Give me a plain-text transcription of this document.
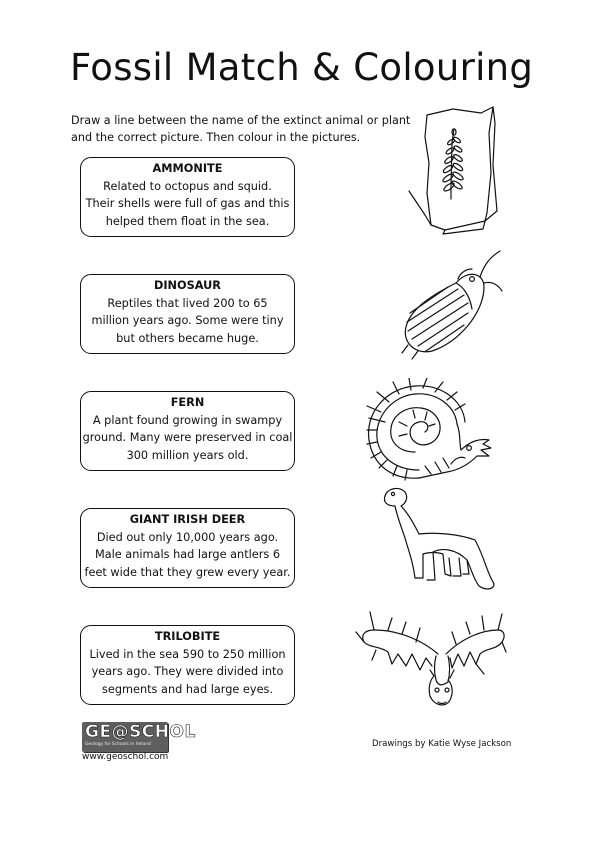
Fossil Match & Colouring
Draw a line between the name of the extinct animal or plant and the correct picture. Then colour in the pictures.
AMMONITE
Related to octopus and squid.
Their shells were full of gas and this
helped them float in the sea.
DINOSAUR
Reptiles that lived 200 to 65
million years ago. Some were tiny
but others became huge.
FERN
A plant found growing in swampy
ground. Many were preserved in coal
300 million years old.
GIANT IRISH DEER
Died out only 10,000 years ago.
Male animals had large antlers 6
feet wide that they grew every year.
TRILOBITE
Lived in the sea 590 to 250 million
years ago. They were divided into
segments and had large eyes.
GE@SCHOL
Geology for Schools in Ireland
www.geoschol.com
Drawings by Katie Wyse Jackson
